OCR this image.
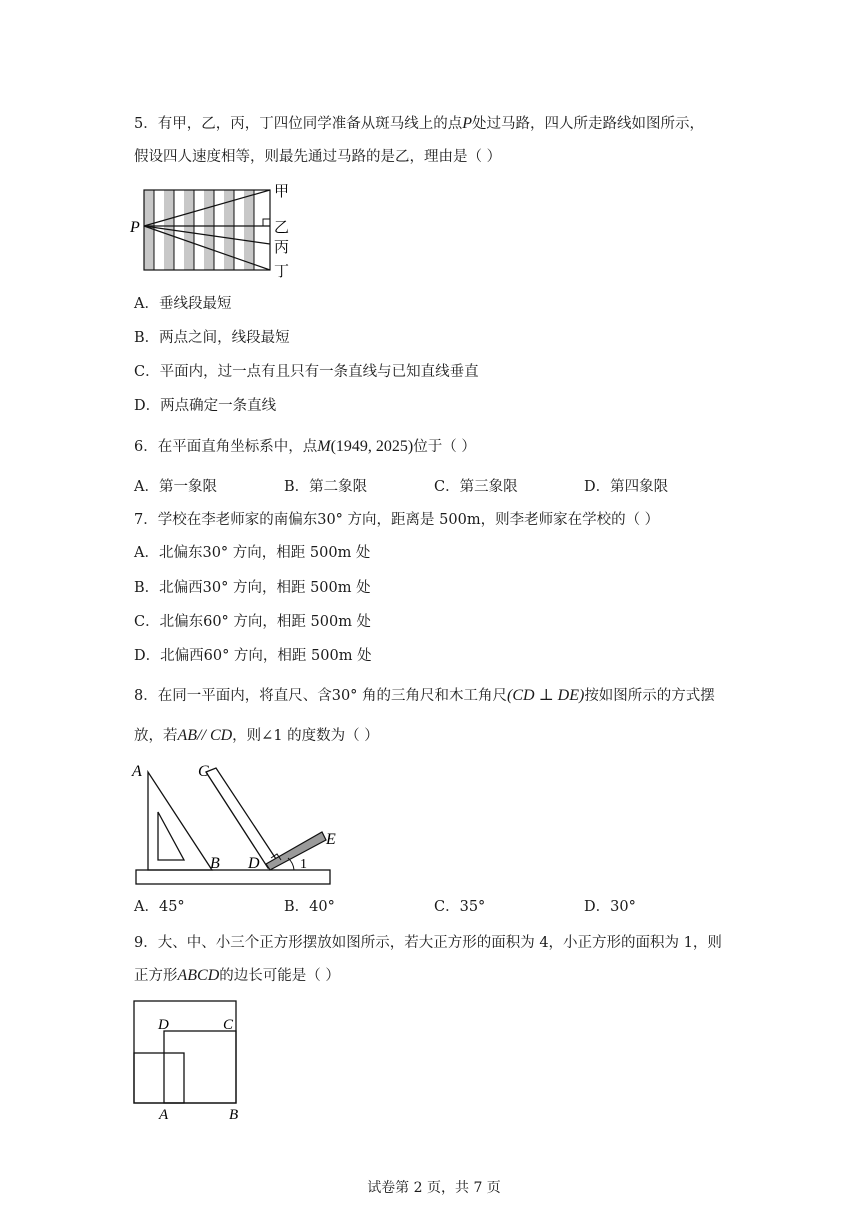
5．有甲，乙，丙，丁四位同学准备从斑马线上的点P处过马路，四人所走路线如图所示，
假设四人速度相等，则最先通过马路的是乙，理由是（ ）
P
甲
乙
丙
丁
A．垂线段最短
B．两点之间，线段最短
C．平面内，过一点有且只有一条直线与已知直线垂直
D．两点确定一条直线
6．在平面直角坐标系中，点M(1949, 2025)位于（ ）
A．第一象限	B．第二象限	C．第三象限	D．第四象限
7．学校在李老师家的南偏东30° 方向，距离是 500m，则李老师家在学校的（ ）
A．北偏东30° 方向，相距 500m 处
B．北偏西30° 方向，相距 500m 处
C．北偏东60° 方向，相距 500m 处
D．北偏西60° 方向，相距 500m 处
8．在同一平面内，将直尺、含30° 角的三角尺和木工角尺(CD ⊥ DE)按如图所示的方式摆
放，若AB// CD，则∠1 的度数为（ ）
A	C
E
B D	1
A．45°	B．40°	C．35°	D．30°
9．大、中、小三个正方形摆放如图所示，若大正方形的面积为 4，小正方形的面积为 1，则
正方形ABCD的边长可能是（ ）
D	C
A	B
试卷第 2 页，共 7 页
